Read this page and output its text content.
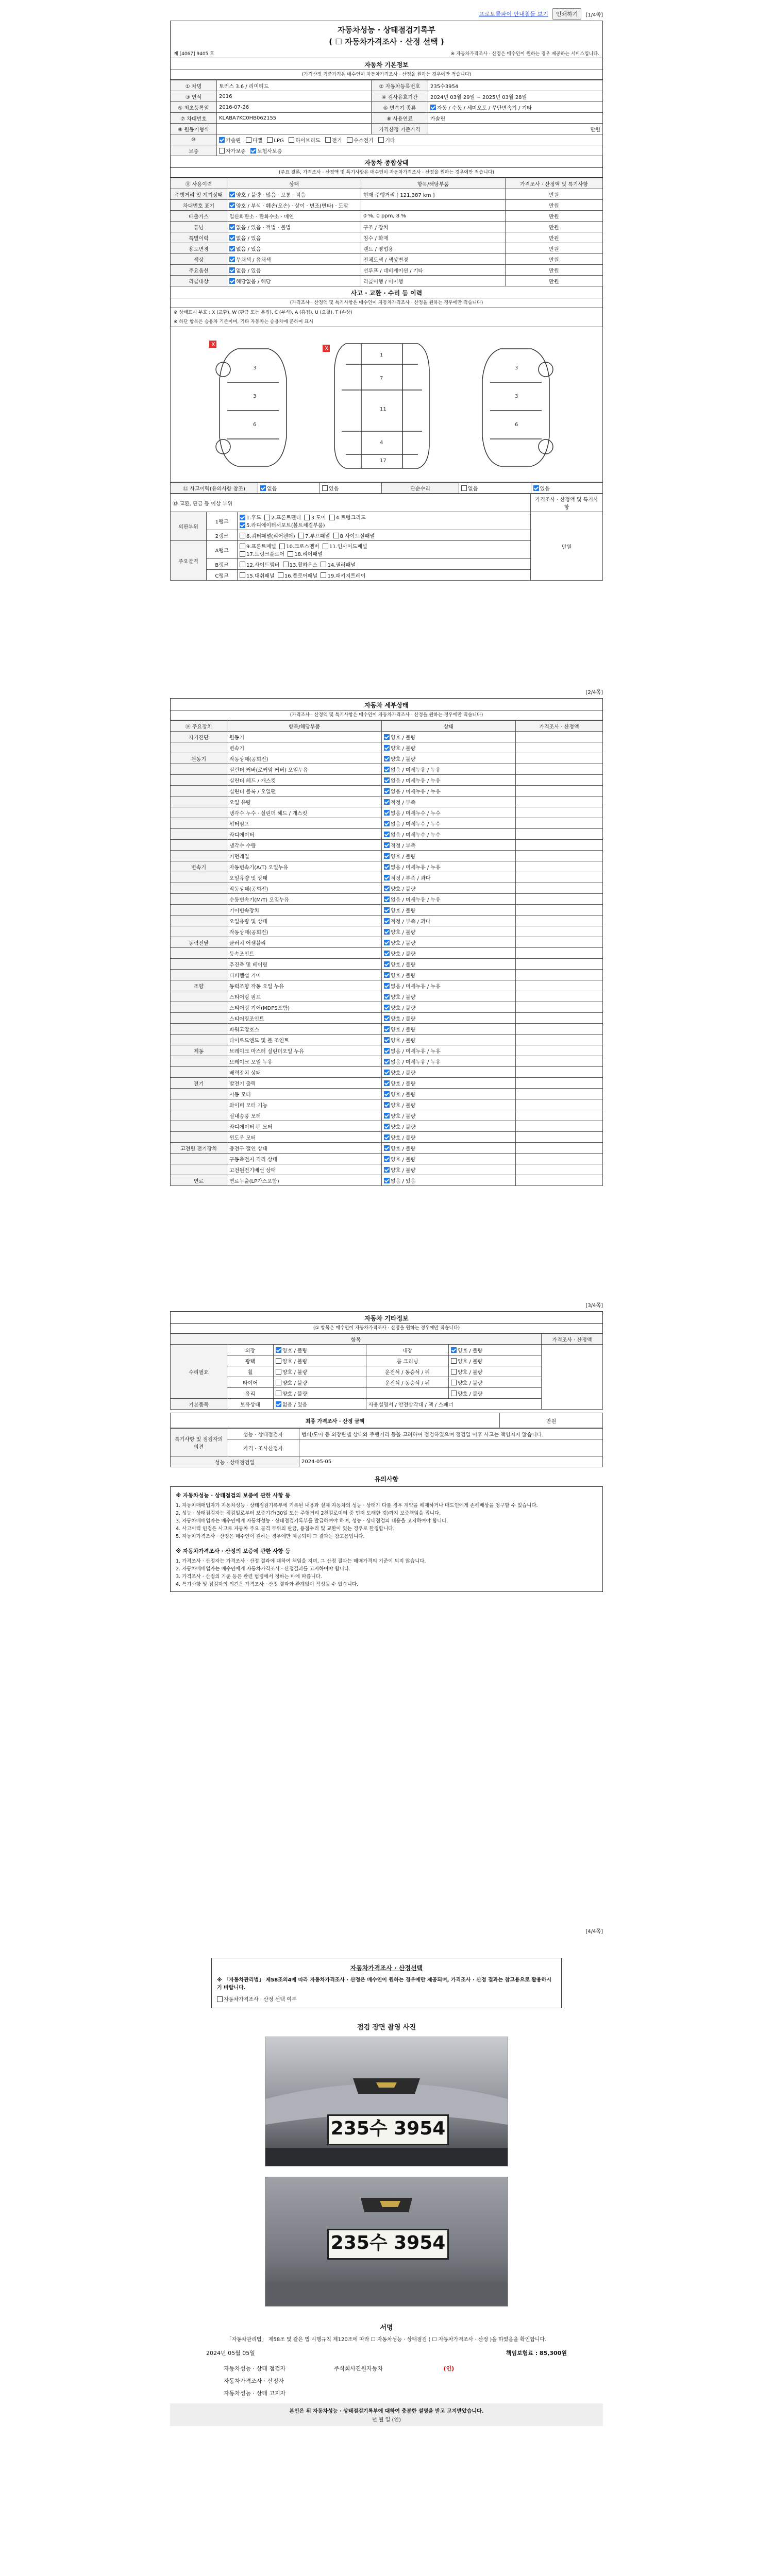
프로토콜파이 안내칠들 보기	인쇄하기	[1/4쪽]
자동차성능 · 상태점검기록부
( ☐ 자동차가격조사 · 산정 선택 )
제 [4067] 9405 호	※ 자동차가격조사 · 산정은 매수인이 원하는 경우 제공하는 서비스입니다.
자동차 기본정보
(가격산정 기준가격은 매수인이 자동차가격조사 · 산정을 원하는 경우에만 적습니다)
① 차명	토러스 3.6 / 리미티드	② 자동차등록번호	235수3954
③ 연식	2016	④ 검사유효기간	2024년 03월 29일 ~ 2025년 03월 28일
⑤ 최초등록일	2016-07-26	⑥ 변속기 종류	자동 / 수동 / 세미오토 / 무단변속기 / 기타
⑦ 차대번호	KLABA7KC0HB062155	⑧ 사용연료	가솔린
⑨ 원동기형식		가격산정 기준가격	만원
⑩	가솔린 디젤 LPG 하이브리드 전기 수소전기 기타		
보증	자가보증 보험사보증		
자동차 종합상태
(주요 결론, 가격조사 · 산정액 및 특기사항은 매수인이 자동차가격조사 · 산정을 원하는 경우에만 적습니다)
⑪ 사용이력	상태	항목/해당부품	가격조사 · 산정액 및 특기사항
주행거리 및 계기상태	양호 / 불량 · 많음 · 보통 · 적음	현재 주행거리 [ 121,387 km ]	만원
차대번호 표기	양호 / 부식 · 훼손(오손) · 상이 · 변조(변타) · 도말		만원
배출가스	일산화탄소 · 탄화수소 · 매연	0 %, 0 ppm, 8 %	만원
튜닝	없음 / 있음 · 적법 · 불법	구조 / 장치	만원
특별이력	없음 / 있음	침수 / 화재	만원
용도변경	없음 / 있음	렌트 / 영업용	만원
색상	무채색 / 유채색	전체도색 / 색상변경	만원
주요옵션	없음 / 있음	선루프 / 네비게이션 / 기타	만원
리콜대상	해당없음 / 해당	리콜이행 / 미이행	만원
사고 · 교환 · 수리 등 이력
(가격조사 · 산정액 및 특기사항은 매수인이 자동차가격조사 · 산정을 원하는 경우에만 적습니다)
※ 상태표시 부호 : X (교환), W (판금 또는 용접), C (부식), A (흠집), U (요철), T (손상)
※ 하단 항목은 승용차 기준이며, 기타 자동차는 승용차에 준하여 표시
3
3
6
1
7
11
4
17
3
3
6
X
X
⑫ 사고이력(유의사항 참조)	없음	있음	단순수리	없음	있음
⑬ 교환, 판금 등 이상 부위			가격조사 · 산정액 및 특기사항
외판부위	1랭크	1.후드 2.프론트펜더 3.도어 4.트렁크리드
5.라디에이터서포트(볼트체결부품)	만원
	2랭크	6.쿼터패널(리어펜더) 7.루프패널 8.사이드실패널	
주요골격	A랭크	9.프론트패널 10.크로스멤버 11.인사이드패널
17.트렁크플로어 18.리어패널	
	B랭크	12.사이드멤버 13.휠하우스 14.필러패널	
	C랭크	15.대쉬패널 16.플로어패널 19.패키지트레이	
[2/4쪽]
자동차 세부상태
(가격조사 · 산정액 및 특기사항은 매수인이 자동차가격조사 · 산정을 원하는 경우에만 적습니다)
⑭ 주요장치	항목/해당부품	상태	가격조사 · 산정액
자기진단	원동기	양호 / 불량	
	변속기	양호 / 불량	
원동기	작동상태(공회전)	양호 / 불량	
	실린더 커버(로커암 커버) 오일누유	없음 / 미세누유 / 누유	
	실린더 헤드 / 개스킷	없음 / 미세누유 / 누유	
	실린더 블록 / 오일팬	없음 / 미세누유 / 누유	
	오일 유량	적정 / 부족	
	냉각수 누수 · 실린더 헤드 / 개스킷	없음 / 미세누수 / 누수	
	워터펌프	없음 / 미세누수 / 누수	
	라디에이터	없음 / 미세누수 / 누수	
	냉각수 수량	적정 / 부족	
	커먼레일	양호 / 불량	
변속기	자동변속기(A/T) 오일누유	없음 / 미세누유 / 누유	
	오일유량 및 상태	적정 / 부족 / 과다	
	작동상태(공회전)	양호 / 불량	
	수동변속기(M/T) 오일누유	없음 / 미세누유 / 누유	
	기어변속장치	양호 / 불량	
	오일유량 및 상태	적정 / 부족 / 과다	
	작동상태(공회전)	양호 / 불량	
동력전달	클러치 어셈블리	양호 / 불량	
	등속조인트	양호 / 불량	
	추진축 및 베어링	양호 / 불량	
	디퍼렌셜 기어	양호 / 불량	
조향	동력조향 작동 오일 누유	없음 / 미세누유 / 누유	
	스티어링 펌프	양호 / 불량	
	스티어링 기어(MDPS포함)	양호 / 불량	
	스티어링조인트	양호 / 불량	
	파워고압호스	양호 / 불량	
	타이로드엔드 및 볼 조인트	양호 / 불량	
제동	브레이크 마스터 실린더오일 누유	없음 / 미세누유 / 누유	
	브레이크 오일 누유	없음 / 미세누유 / 누유	
	배력장치 상태	양호 / 불량	
전기	발전기 출력	양호 / 불량	
	시동 모터	양호 / 불량	
	와이퍼 모터 기능	양호 / 불량	
	실내송풍 모터	양호 / 불량	
	라디에이터 팬 모터	양호 / 불량	
	윈도우 모터	양호 / 불량	
고전원 전기장치	충전구 절연 상태	양호 / 불량	
	구동축전지 격리 상태	양호 / 불량	
	고전원전기배선 상태	양호 / 불량	
연료	연료누출(LP가스포함)	없음 / 있음	
[3/4쪽]
자동차 기타정보
(① 항목은 매수인이 자동차가격조사 · 산정을 원하는 경우에만 적습니다)
항목					가격조사 · 산정액
수리필요	외장	양호 / 불량	내장	양호 / 불량	
	광택	양호 / 불량	룸 크리닝	양호 / 불량	
	휠	양호 / 불량	운전석 / 동승석 / 뒤	양호 / 불량	
	타이어	양호 / 불량	운전석 / 동승석 / 뒤	양호 / 불량	
	유리	양호 / 불량		양호 / 불량	
기본품목	보유상태	없음 / 있음	사용설명서 / 안전삼각대 / 잭 / 스패너		
최종 가격조사 · 산정 금액	만원
특기사항 및 점검자의 의견	성능 · 상태점검자	범퍼/도어 등 외장판넬 상태와 주행거리 등을 고려하여 점검하였으며 점검일 이후 사고는 책임지지 않습니다.
	가격 · 조사산정자	
성능 · 상태점검일		2024-05-05
유의사항
※ 자동차성능 · 상태점검의 보증에 관한 사항 등
1. 자동차매매업자가 자동차성능 · 상태점검기록부에 기록된 내용과 실제 자동차의 성능 · 상태가 다를 경우 계약을 해제하거나 매도인에게 손해배상을 청구할 수 있습니다.
2. 성능 · 상태점검자는 점검일로부터 보증기간(30일 또는 주행거리 2천킬로미터 중 먼저 도래한 것)까지 보증책임을 집니다.
3. 자동차매매업자는 매수인에게 자동차성능 · 상태점검기록부를 발급하여야 하며, 성능 · 상태점검의 내용을 고지하여야 합니다.
4. 사고이력 인정은 사고로 자동차 주요 골격 부위의 판금, 용접수리 및 교환이 있는 경우로 한정합니다.
5. 자동차가격조사 · 산정은 매수인이 원하는 경우에만 제공되며 그 결과는 참고용입니다.
※ 자동차가격조사 · 산정의 보증에 관한 사항 등
1. 가격조사 · 산정자는 가격조사 · 산정 결과에 대하여 책임을 지며, 그 산정 결과는 매매가격의 기준이 되지 않습니다.
2. 자동차매매업자는 매수인에게 자동차가격조사 · 산정결과를 고지하여야 합니다.
3. 가격조사 · 산정의 기준 등은 관련 법령에서 정하는 바에 따릅니다.
4. 특기사항 및 점검자의 의견은 가격조사 · 산정 결과와 관계없이 작성될 수 있습니다.
[4/4쪽]
자동차가격조사 · 산정선택
※ 「자동차관리법」 제58조의4에 따라 자동차가격조사 · 산정은 매수인이 원하는 경우에만 제공되며, 가격조사 · 산정 결과는 참고용으로 활용하시기 바랍니다.
자동차가격조사 · 산정 선택 여부
점검 장면 촬영 사진
235수 3954
235수 3954
서명
「자동차관리법」 제58조 및 같은 법 시행규칙 제120조에 따라 ☐ 자동차성능 · 상태점검 ( ☐ 자동차가격조사 · 산정 )을 하였음을 확인합니다.
2024년 05월 05일	책임보험료 : 85,300원
자동차성능 · 상태 점검자	주식회사진원자동차	(인)
자동차가격조사 · 산정자		
자동차성능 · 상태 고지자		
본인은 위 자동차성능 · 상태점검기록부에 대하여 충분한 설명을 받고 고지받았습니다.
년 월 일 (인)
